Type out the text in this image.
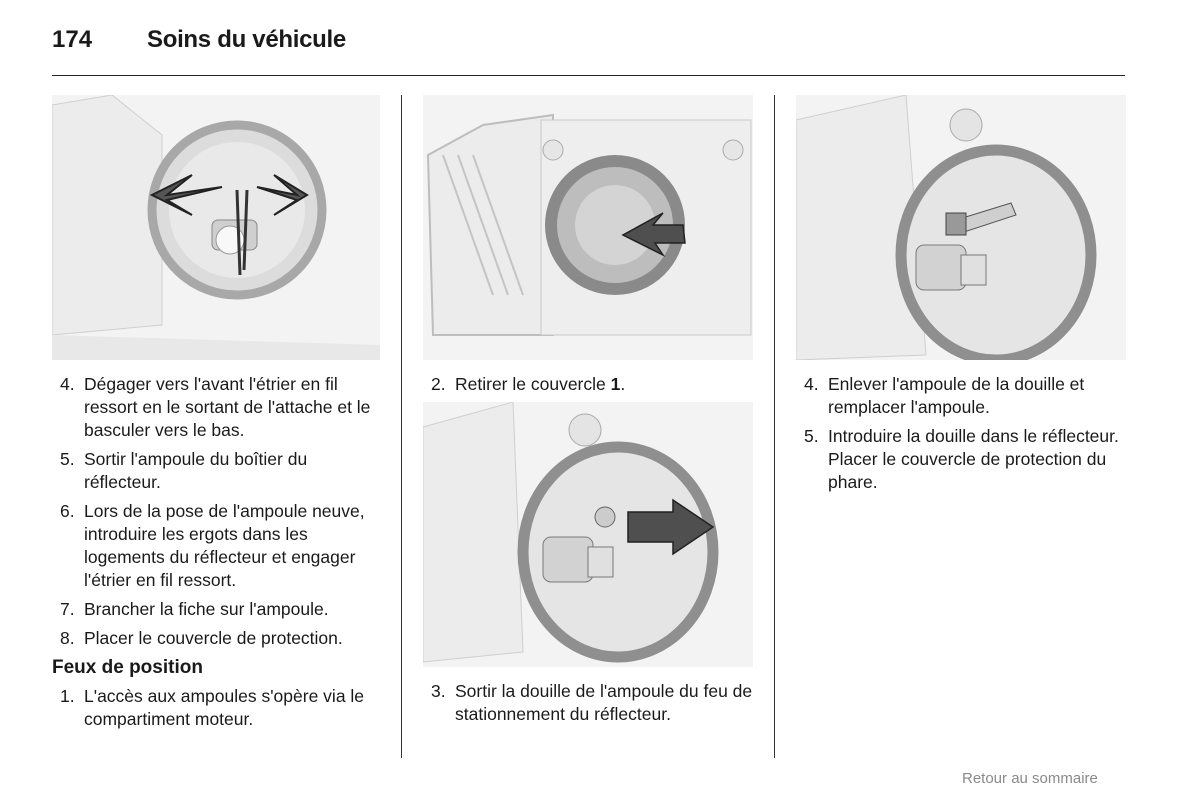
174 Soins du véhicule
4. Dégager vers l'avant l'étrier en fil ressort en le sortant de l'attache et le basculer vers le bas.
5. Sortir l'ampoule du boîtier du réflecteur.
6. Lors de la pose de l'ampoule neuve, introduire les ergots dans les logements du réflecteur et engager l'étrier en fil ressort.
7. Brancher la fiche sur l'ampoule.
8. Placer le couvercle de protection.
Feux de position
1. L'accès aux ampoules s'opère via le compartiment moteur.
2. Retirer le couvercle 1.
3. Sortir la douille de l'ampoule du feu de stationnement du réflecteur.
4. Enlever l'ampoule de la douille et remplacer l'ampoule.
5. Introduire la douille dans le réflecteur. Placer le couvercle de protection du phare.
Retour au sommaire
